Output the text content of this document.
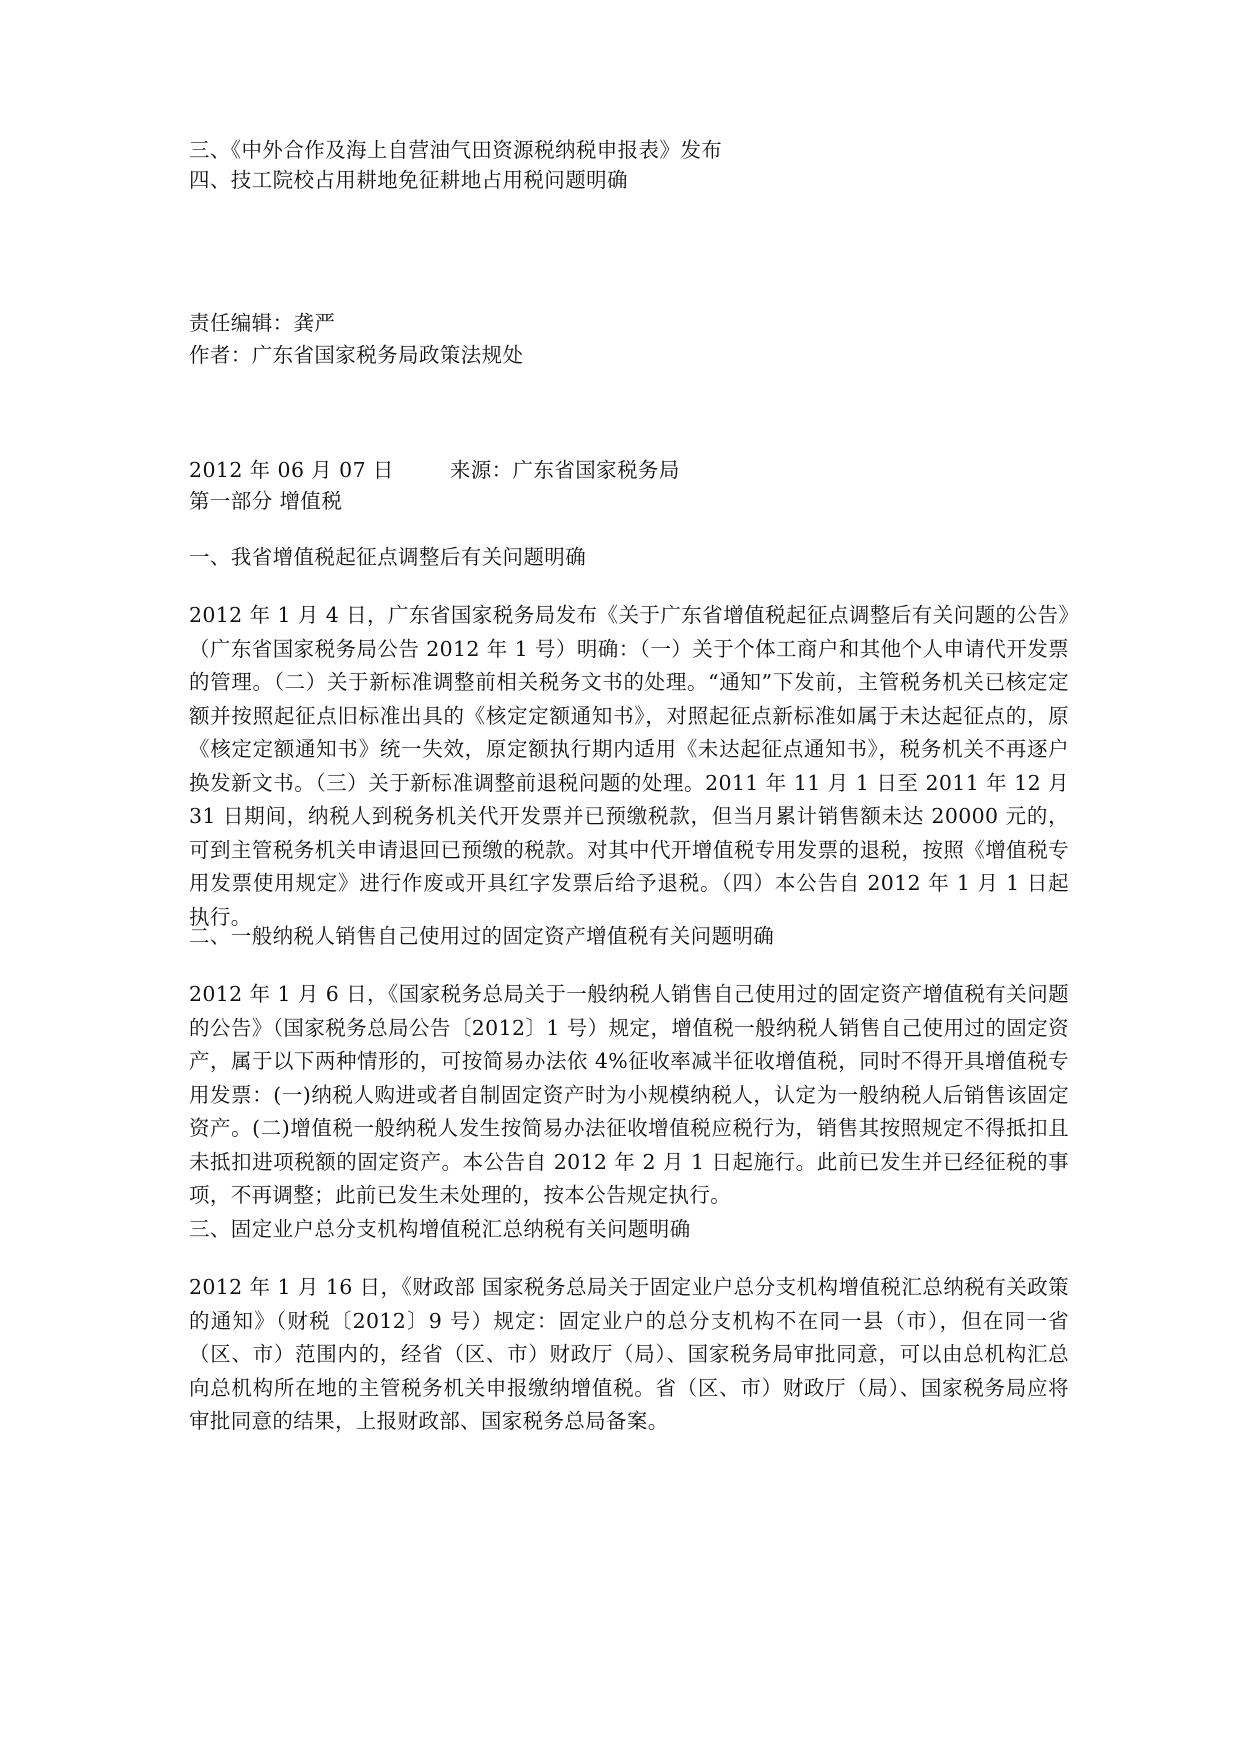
三、《中外合作及海上自营油气田资源税纳税申报表》发布
四、技工院校占用耕地免征耕地占用税问题明确
责任编辑：龚严
作者：广东省国家税务局政策法规处
2012 年 06 月 07 日	来源：广东省国家税务局
第一部分 增值税
一、我省增值税起征点调整后有关问题明确
2012 年 1 月 4 日，广东省国家税务局发布《关于广东省增值税起征点调整后有关问题的公告》（广东省国家税务局公告 2012 年 1 号）明确：（一）关于个体工商户和其他个人申请代开发票的管理。（二）关于新标准调整前相关税务文书的处理。“通知”下发前，主管税务机关已核定定额并按照起征点旧标准出具的《核定定额通知书》，对照起征点新标准如属于未达起征点的，原《核定定额通知书》统一失效，原定额执行期内适用《未达起征点通知书》，税务机关不再逐户换发新文书。（三）关于新标准调整前退税问题的处理。2011 年 11 月 1 日至 2011 年 12 月 31 日期间，纳税人到税务机关代开发票并已预缴税款，但当月累计销售额未达 20000 元的，可到主管税务机关申请退回已预缴的税款。对其中代开增值税专用发票的退税，按照《增值税专用发票使用规定》进行作废或开具红字发票后给予退税。（四）本公告自 2012 年 1 月 1 日起执行。
二、一般纳税人销售自己使用过的固定资产增值税有关问题明确
2012 年 1 月 6 日，《国家税务总局关于一般纳税人销售自己使用过的固定资产增值税有关问题的公告》（国家税务总局公告〔2012〕1 号）规定，增值税一般纳税人销售自己使用过的固定资产，属于以下两种情形的，可按简易办法依 4%征收率减半征收增值税，同时不得开具增值税专用发票：(一)纳税人购进或者自制固定资产时为小规模纳税人，认定为一般纳税人后销售该固定资产。(二)增值税一般纳税人发生按简易办法征收增值税应税行为，销售其按照规定不得抵扣且未抵扣进项税额的固定资产。本公告自 2012 年 2 月 1 日起施行。此前已发生并已经征税的事项，不再调整；此前已发生未处理的，按本公告规定执行。
三、固定业户总分支机构增值税汇总纳税有关问题明确
2012 年 1 月 16 日，《财政部 国家税务总局关于固定业户总分支机构增值税汇总纳税有关政策的通知》（财税〔2012〕9 号）规定：固定业户的总分支机构不在同一县（市），但在同一省（区、市）范围内的，经省（区、市）财政厅（局）、国家税务局审批同意，可以由总机构汇总向总机构所在地的主管税务机关申报缴纳增值税。省（区、市）财政厅（局）、国家税务局应将审批同意的结果，上报财政部、国家税务总局备案。
